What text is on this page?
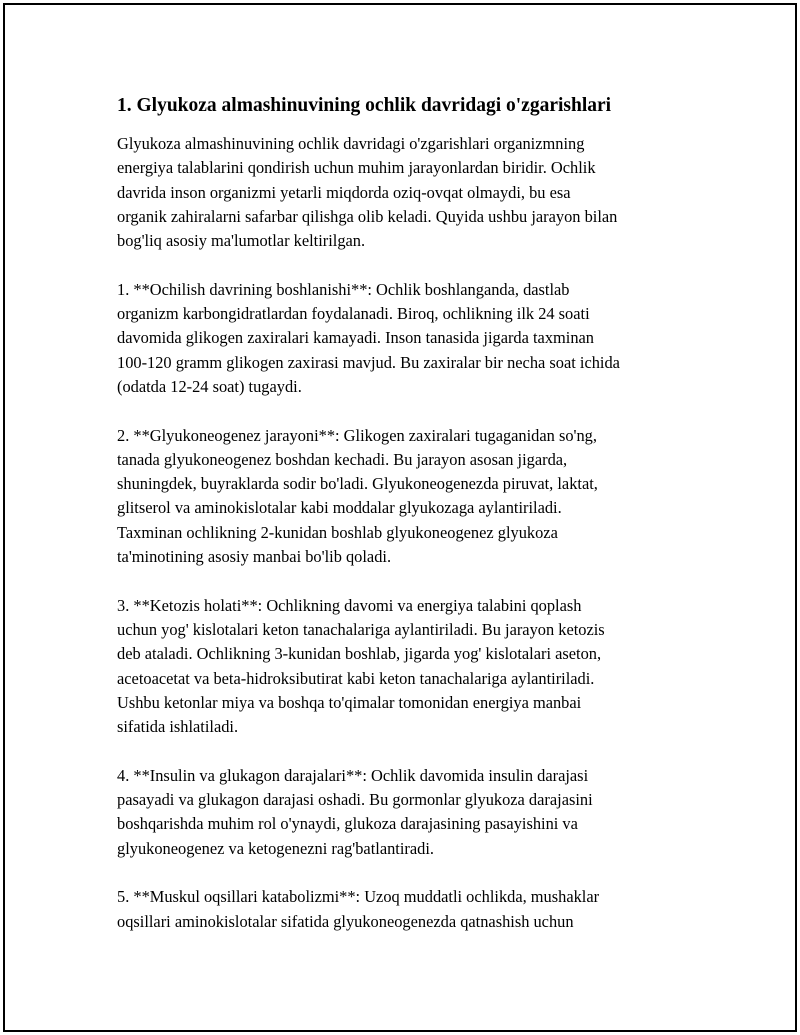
1. Glyukoza almashinuvining ochlik davridagi o'zgarishlari

Glyukoza almashinuvining ochlik davridagi o'zgarishlari organizmning
energiya talablarini qondirish uchun muhim jarayonlardan biridir. Ochlik
davrida inson organizmi yetarli miqdorda oziq-ovqat olmaydi, bu esa
organik zahiralarni safarbar qilishga olib keladi. Quyida ushbu jarayon bilan
bog'liq asosiy ma'lumotlar keltirilgan.

1. **Ochilish davrining boshlanishi**: Ochlik boshlanganda, dastlab
organizm karbongidratlardan foydalanadi. Biroq, ochlikning ilk 24 soati
davomida glikogen zaxiralari kamayadi. Inson tanasida jigarda taxminan
100-120 gramm glikogen zaxirasi mavjud. Bu zaxiralar bir necha soat ichida
(odatda 12-24 soat) tugaydi.

2. **Glyukoneogenez jarayoni**: Glikogen zaxiralari tugaganidan so'ng,
tanada glyukoneogenez boshdan kechadi. Bu jarayon asosan jigarda,
shuningdek, buyraklarda sodir bo'ladi. Glyukoneogenezda piruvat, laktat,
glitserol va aminokislotalar kabi moddalar glyukozaga aylantiriladi.
Taxminan ochlikning 2-kunidan boshlab glyukoneogenez glyukoza
ta'minotining asosiy manbai bo'lib qoladi.

3. **Ketozis holati**: Ochlikning davomi va energiya talabini qoplash
uchun yog' kislotalari keton tanachalariga aylantiriladi. Bu jarayon ketozis
deb ataladi. Ochlikning 3-kunidan boshlab, jigarda yog' kislotalari aseton,
acetoacetat va beta-hidroksibutirat kabi keton tanachalariga aylantiriladi.
Ushbu ketonlar miya va boshqa to'qimalar tomonidan energiya manbai
sifatida ishlatiladi.

4. **Insulin va glukagon darajalari**: Ochlik davomida insulin darajasi
pasayadi va glukagon darajasi oshadi. Bu gormonlar glyukoza darajasini
boshqarishda muhim rol o'ynaydi, glukoza darajasining pasayishini va
glyukoneogenez va ketogenezni rag'batlantiradi.

5. **Muskul oqsillari katabolizmi**: Uzoq muddatli ochlikda, mushaklar
oqsillari aminokislotalar sifatida glyukoneogenezda qatnashish uchun
